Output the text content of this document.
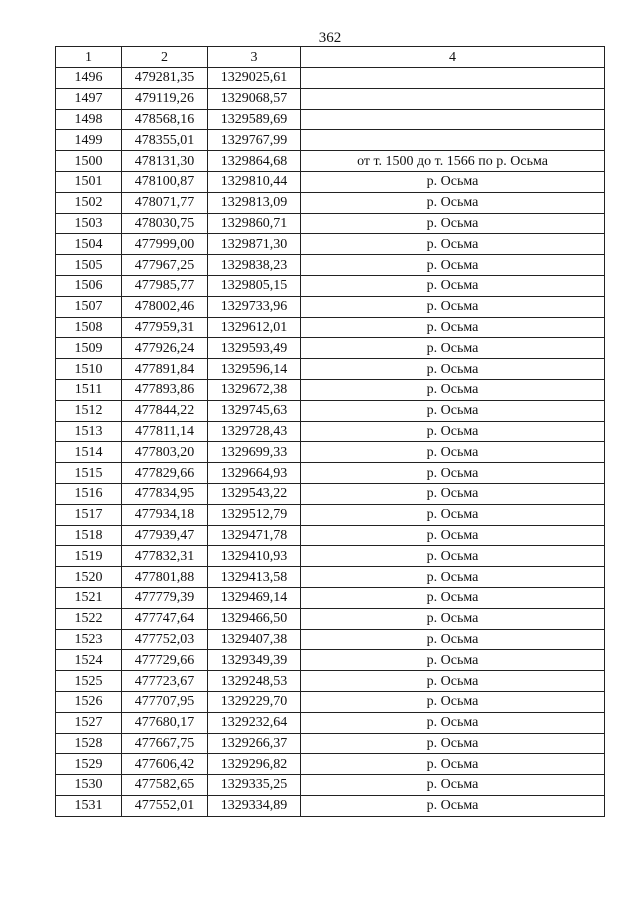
362
1	2	3	4
1496	479281,35	1329025,61	
1497	479119,26	1329068,57	
1498	478568,16	1329589,69	
1499	478355,01	1329767,99	
1500	478131,30	1329864,68	от т. 1500 до т. 1566 по р. Осьма
1501	478100,87	1329810,44	р. Осьма
1502	478071,77	1329813,09	р. Осьма
1503	478030,75	1329860,71	р. Осьма
1504	477999,00	1329871,30	р. Осьма
1505	477967,25	1329838,23	р. Осьма
1506	477985,77	1329805,15	р. Осьма
1507	478002,46	1329733,96	р. Осьма
1508	477959,31	1329612,01	р. Осьма
1509	477926,24	1329593,49	р. Осьма
1510	477891,84	1329596,14	р. Осьма
1511	477893,86	1329672,38	р. Осьма
1512	477844,22	1329745,63	р. Осьма
1513	477811,14	1329728,43	р. Осьма
1514	477803,20	1329699,33	р. Осьма
1515	477829,66	1329664,93	р. Осьма
1516	477834,95	1329543,22	р. Осьма
1517	477934,18	1329512,79	р. Осьма
1518	477939,47	1329471,78	р. Осьма
1519	477832,31	1329410,93	р. Осьма
1520	477801,88	1329413,58	р. Осьма
1521	477779,39	1329469,14	р. Осьма
1522	477747,64	1329466,50	р. Осьма
1523	477752,03	1329407,38	р. Осьма
1524	477729,66	1329349,39	р. Осьма
1525	477723,67	1329248,53	р. Осьма
1526	477707,95	1329229,70	р. Осьма
1527	477680,17	1329232,64	р. Осьма
1528	477667,75	1329266,37	р. Осьма
1529	477606,42	1329296,82	р. Осьма
1530	477582,65	1329335,25	р. Осьма
1531	477552,01	1329334,89	р. Осьма
